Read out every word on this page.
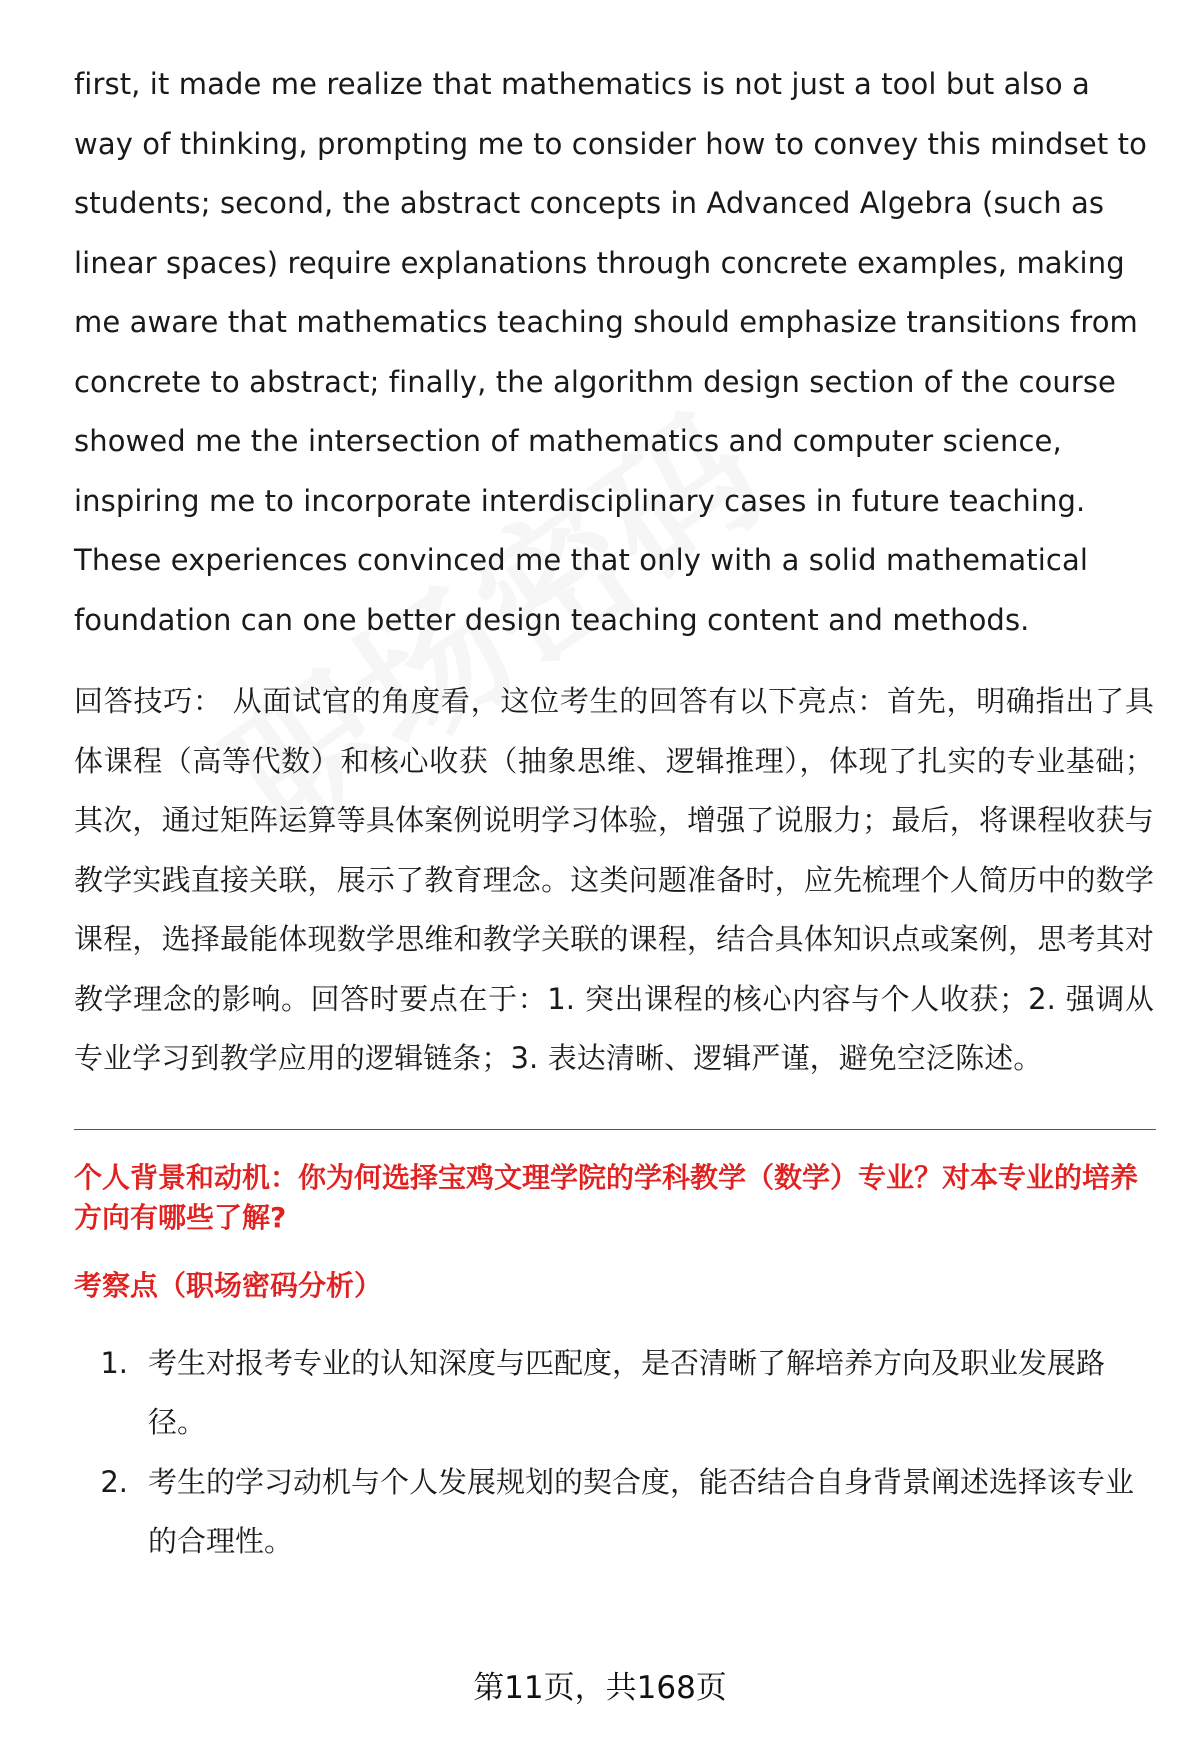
first, it made me realize that mathematics is not just a tool but also a way of thinking, prompting me to consider how to convey this mindset to students; second, the abstract concepts in Advanced Algebra (such as linear spaces) require explanations through concrete examples, making me aware that mathematics teaching should emphasize transitions from concrete to abstract; finally, the algorithm design section of the course showed me the intersection of mathematics and computer science, inspiring me to incorporate interdisciplinary cases in future teaching. These experiences convinced me that only with a solid mathematical foundation can one better design teaching content and methods.

回答技巧： 从面试官的角度看，这位考生的回答有以下亮点：首先，明确指出了具体课程（高等代数）和核心收获（抽象思维、逻辑推理），体现了扎实的专业基础；其次，通过矩阵运算等具体案例说明学习体验，增强了说服力；最后，将课程收获与教学实践直接关联，展示了教育理念。这类问题准备时，应先梳理个人简历中的数学课程，选择最能体现数学思维和教学关联的课程，结合具体知识点或案例，思考其对教学理念的影响。回答时要点在于：1. 突出课程的核心内容与个人收获；2. 强调从专业学习到教学应用的逻辑链条；3. 表达清晰、逻辑严谨，避免空泛陈述。

个人背景和动机：你为何选择宝鸡文理学院的学科教学（数学）专业？对本专业的培养方向有哪些了解?
考察点（职场密码分析）
1. 考生对报考专业的认知深度与匹配度，是否清晰了解培养方向及职业发展路径。
2. 考生的学习动机与个人发展规划的契合度，能否结合自身背景阐述选择该专业的合理性。
第11页，共168页
